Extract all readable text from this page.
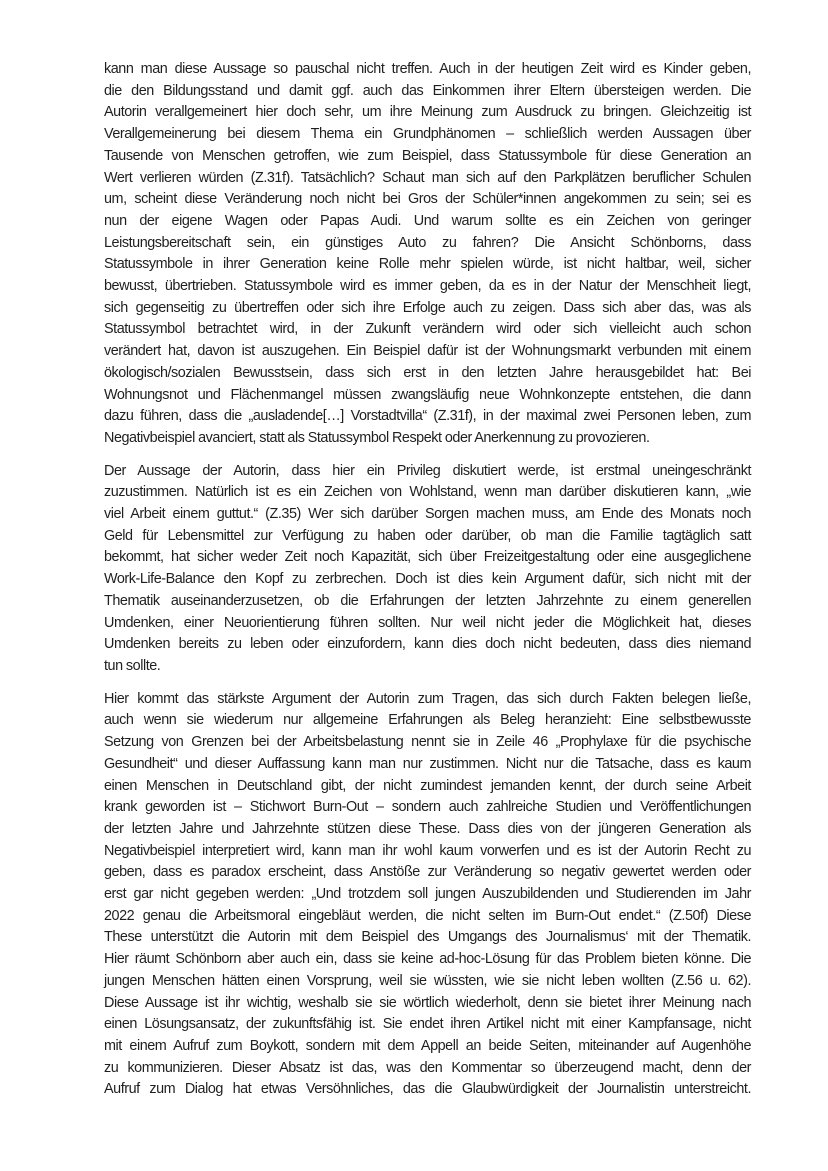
kann man diese Aussage so pauschal nicht treffen. Auch in der heutigen Zeit wird es Kinder geben,
die den Bildungsstand und damit ggf. auch das Einkommen ihrer Eltern übersteigen werden. Die
Autorin verallgemeinert hier doch sehr, um ihre Meinung zum Ausdruck zu bringen. Gleichzeitig ist
Verallgemeinerung bei diesem Thema ein Grundphänomen – schließlich werden Aussagen über
Tausende von Menschen getroffen, wie zum Beispiel, dass Statussymbole für diese Generation an
Wert verlieren würden (Z.31f). Tatsächlich? Schaut man sich auf den Parkplätzen beruflicher Schulen
um, scheint diese Veränderung noch nicht bei Gros der Schüler*innen angekommen zu sein; sei es
nun der eigene Wagen oder Papas Audi. Und warum sollte es ein Zeichen von geringer
Leistungsbereitschaft sein, ein günstiges Auto zu fahren? Die Ansicht Schönborns, dass
Statussymbole in ihrer Generation keine Rolle mehr spielen würde, ist nicht haltbar, weil, sicher
bewusst, übertrieben. Statussymbole wird es immer geben, da es in der Natur der Menschheit liegt,
sich gegenseitig zu übertreffen oder sich ihre Erfolge auch zu zeigen. Dass sich aber das, was als
Statussymbol betrachtet wird, in der Zukunft verändern wird oder sich vielleicht auch schon
verändert hat, davon ist auszugehen. Ein Beispiel dafür ist der Wohnungsmarkt verbunden mit einem
ökologisch/sozialen Bewusstsein, dass sich erst in den letzten Jahre herausgebildet hat: Bei
Wohnungsnot und Flächenmangel müssen zwangsläufig neue Wohnkonzepte entstehen, die dann
dazu führen, dass die „ausladende[…] Vorstadtvilla“ (Z.31f), in der maximal zwei Personen leben, zum
Negativbeispiel avanciert, statt als Statussymbol Respekt oder Anerkennung zu provozieren.

Der Aussage der Autorin, dass hier ein Privileg diskutiert werde, ist erstmal uneingeschränkt
zuzustimmen. Natürlich ist es ein Zeichen von Wohlstand, wenn man darüber diskutieren kann, „wie
viel Arbeit einem guttut.“ (Z.35) Wer sich darüber Sorgen machen muss, am Ende des Monats noch
Geld für Lebensmittel zur Verfügung zu haben oder darüber, ob man die Familie tagtäglich satt
bekommt, hat sicher weder Zeit noch Kapazität, sich über Freizeitgestaltung oder eine ausgeglichene
Work-Life-Balance den Kopf zu zerbrechen. Doch ist dies kein Argument dafür, sich nicht mit der
Thematik auseinanderzusetzen, ob die Erfahrungen der letzten Jahrzehnte zu einem generellen
Umdenken, einer Neuorientierung führen sollten. Nur weil nicht jeder die Möglichkeit hat, dieses
Umdenken bereits zu leben oder einzufordern, kann dies doch nicht bedeuten, dass dies niemand
tun sollte.

Hier kommt das stärkste Argument der Autorin zum Tragen, das sich durch Fakten belegen ließe,
auch wenn sie wiederum nur allgemeine Erfahrungen als Beleg heranzieht: Eine selbstbewusste
Setzung von Grenzen bei der Arbeitsbelastung nennt sie in Zeile 46 „Prophylaxe für die psychische
Gesundheit“ und dieser Auffassung kann man nur zustimmen. Nicht nur die Tatsache, dass es kaum
einen Menschen in Deutschland gibt, der nicht zumindest jemanden kennt, der durch seine Arbeit
krank geworden ist – Stichwort Burn-Out – sondern auch zahlreiche Studien und Veröffentlichungen
der letzten Jahre und Jahrzehnte stützen diese These. Dass dies von der jüngeren Generation als
Negativbeispiel interpretiert wird, kann man ihr wohl kaum vorwerfen und es ist der Autorin Recht zu
geben, dass es paradox erscheint, dass Anstöße zur Veränderung so negativ gewertet werden oder
erst gar nicht gegeben werden: „Und trotzdem soll jungen Auszubildenden und Studierenden im Jahr
2022 genau die Arbeitsmoral eingebläut werden, die nicht selten im Burn-Out endet.“ (Z.50f) Diese
These unterstützt die Autorin mit dem Beispiel des Umgangs des Journalismus‘ mit der Thematik.
Hier räumt Schönborn aber auch ein, dass sie keine ad-hoc-Lösung für das Problem bieten könne. Die
jungen Menschen hätten einen Vorsprung, weil sie wüssten, wie sie nicht leben wollten (Z.56 u. 62).
Diese Aussage ist ihr wichtig, weshalb sie sie wörtlich wiederholt, denn sie bietet ihrer Meinung nach
einen Lösungsansatz, der zukunftsfähig ist. Sie endet ihren Artikel nicht mit einer Kampfansage, nicht
mit einem Aufruf zum Boykott, sondern mit dem Appell an beide Seiten, miteinander auf Augenhöhe
zu kommunizieren. Dieser Absatz ist das, was den Kommentar so überzeugend macht, denn der
Aufruf zum Dialog hat etwas Versöhnliches, das die Glaubwürdigkeit der Journalistin unterstreicht.
